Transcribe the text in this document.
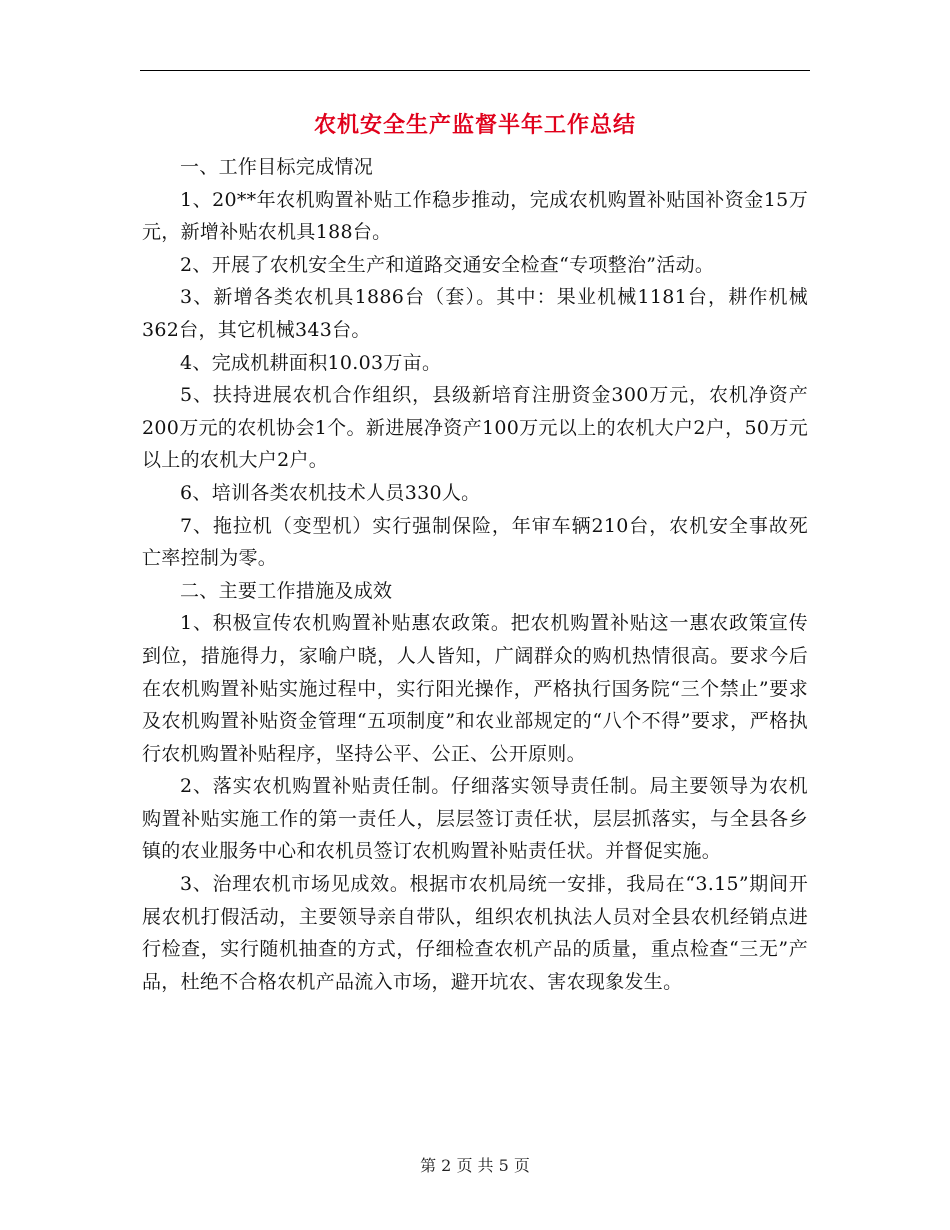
农机安全生产监督半年工作总结

一、工作目标完成情况

1、20**年农机购置补贴工作稳步推动，完成农机购置补贴国补资金15万元，新增补贴农机具188台。

2、开展了农机安全生产和道路交通安全检查“专项整治”活动。

3、新增各类农机具1886台（套）。其中：果业机械1181台，耕作机械362台，其它机械343台。

4、完成机耕面积10.03万亩。

5、扶持进展农机合作组织，县级新培育注册资金300万元，农机净资产200万元的农机协会1个。新进展净资产100万元以上的农机大户2户，50万元以上的农机大户2户。

6、培训各类农机技术人员330人。

7、拖拉机（变型机）实行强制保险，年审车辆210台，农机安全事故死亡率控制为零。

二、主要工作措施及成效

1、积极宣传农机购置补贴惠农政策。把农机购置补贴这一惠农政策宣传到位，措施得力，家喻户晓，人人皆知，广阔群众的购机热情很高。要求今后在农机购置补贴实施过程中，实行阳光操作，严格执行国务院“三个禁止”要求及农机购置补贴资金管理“五项制度”和农业部规定的“八个不得”要求，严格执行农机购置补贴程序，坚持公平、公正、公开原则。

2、落实农机购置补贴责任制。仔细落实领导责任制。局主要领导为农机购置补贴实施工作的第一责任人，层层签订责任状，层层抓落实，与全县各乡镇的农业服务中心和农机员签订农机购置补贴责任状。并督促实施。

3、治理农机市场见成效。根据市农机局统一安排，我局在“3.15”期间开展农机打假活动，主要领导亲自带队，组织农机执法人员对全县农机经销点进行检查，实行随机抽查的方式，仔细检查农机产品的质量，重点检查“三无”产品，杜绝不合格农机产品流入市场，避开坑农、害农现象发生。

第 2 页 共 5 页
